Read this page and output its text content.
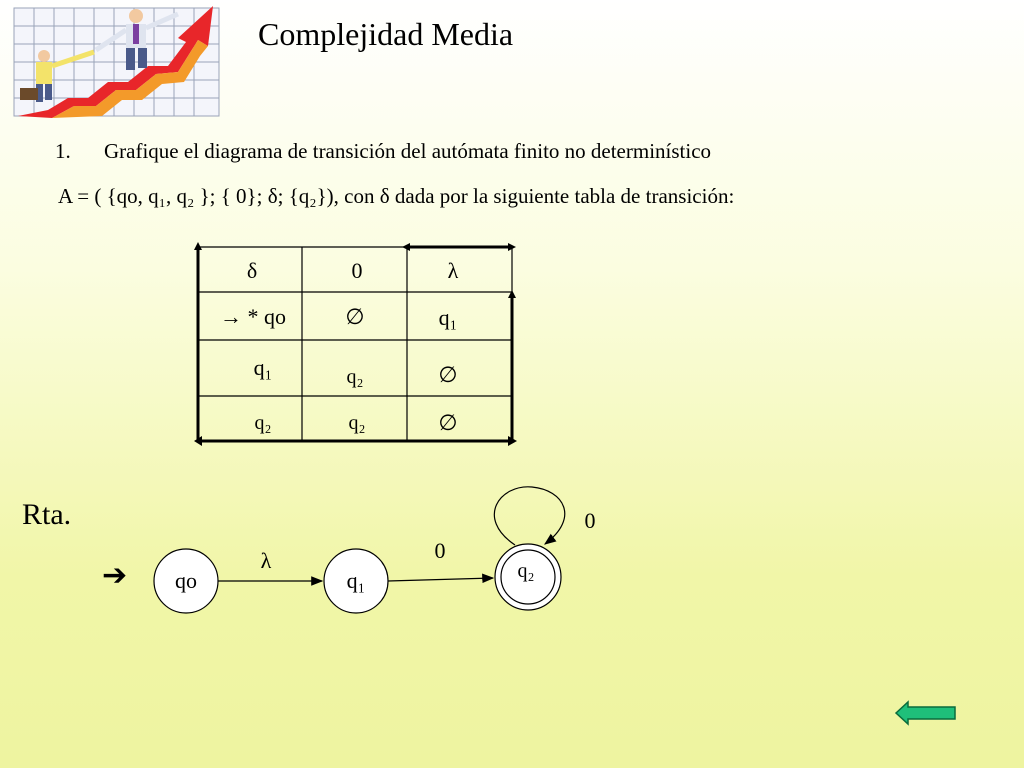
Complejidad Media
1. Grafique el diagrama de transición del autómata finito no determinístico
A = ( {qo, q₁, q₂ }; { 0}; δ; {q₂}), con δ dada por la siguiente tabla de transición:
δ	0	λ
→ * qo	∅	q₁
q₁	q₂	∅
q₂	q₂	∅
Rta.
➔	qo	q₁	q₂
λ	0
0
